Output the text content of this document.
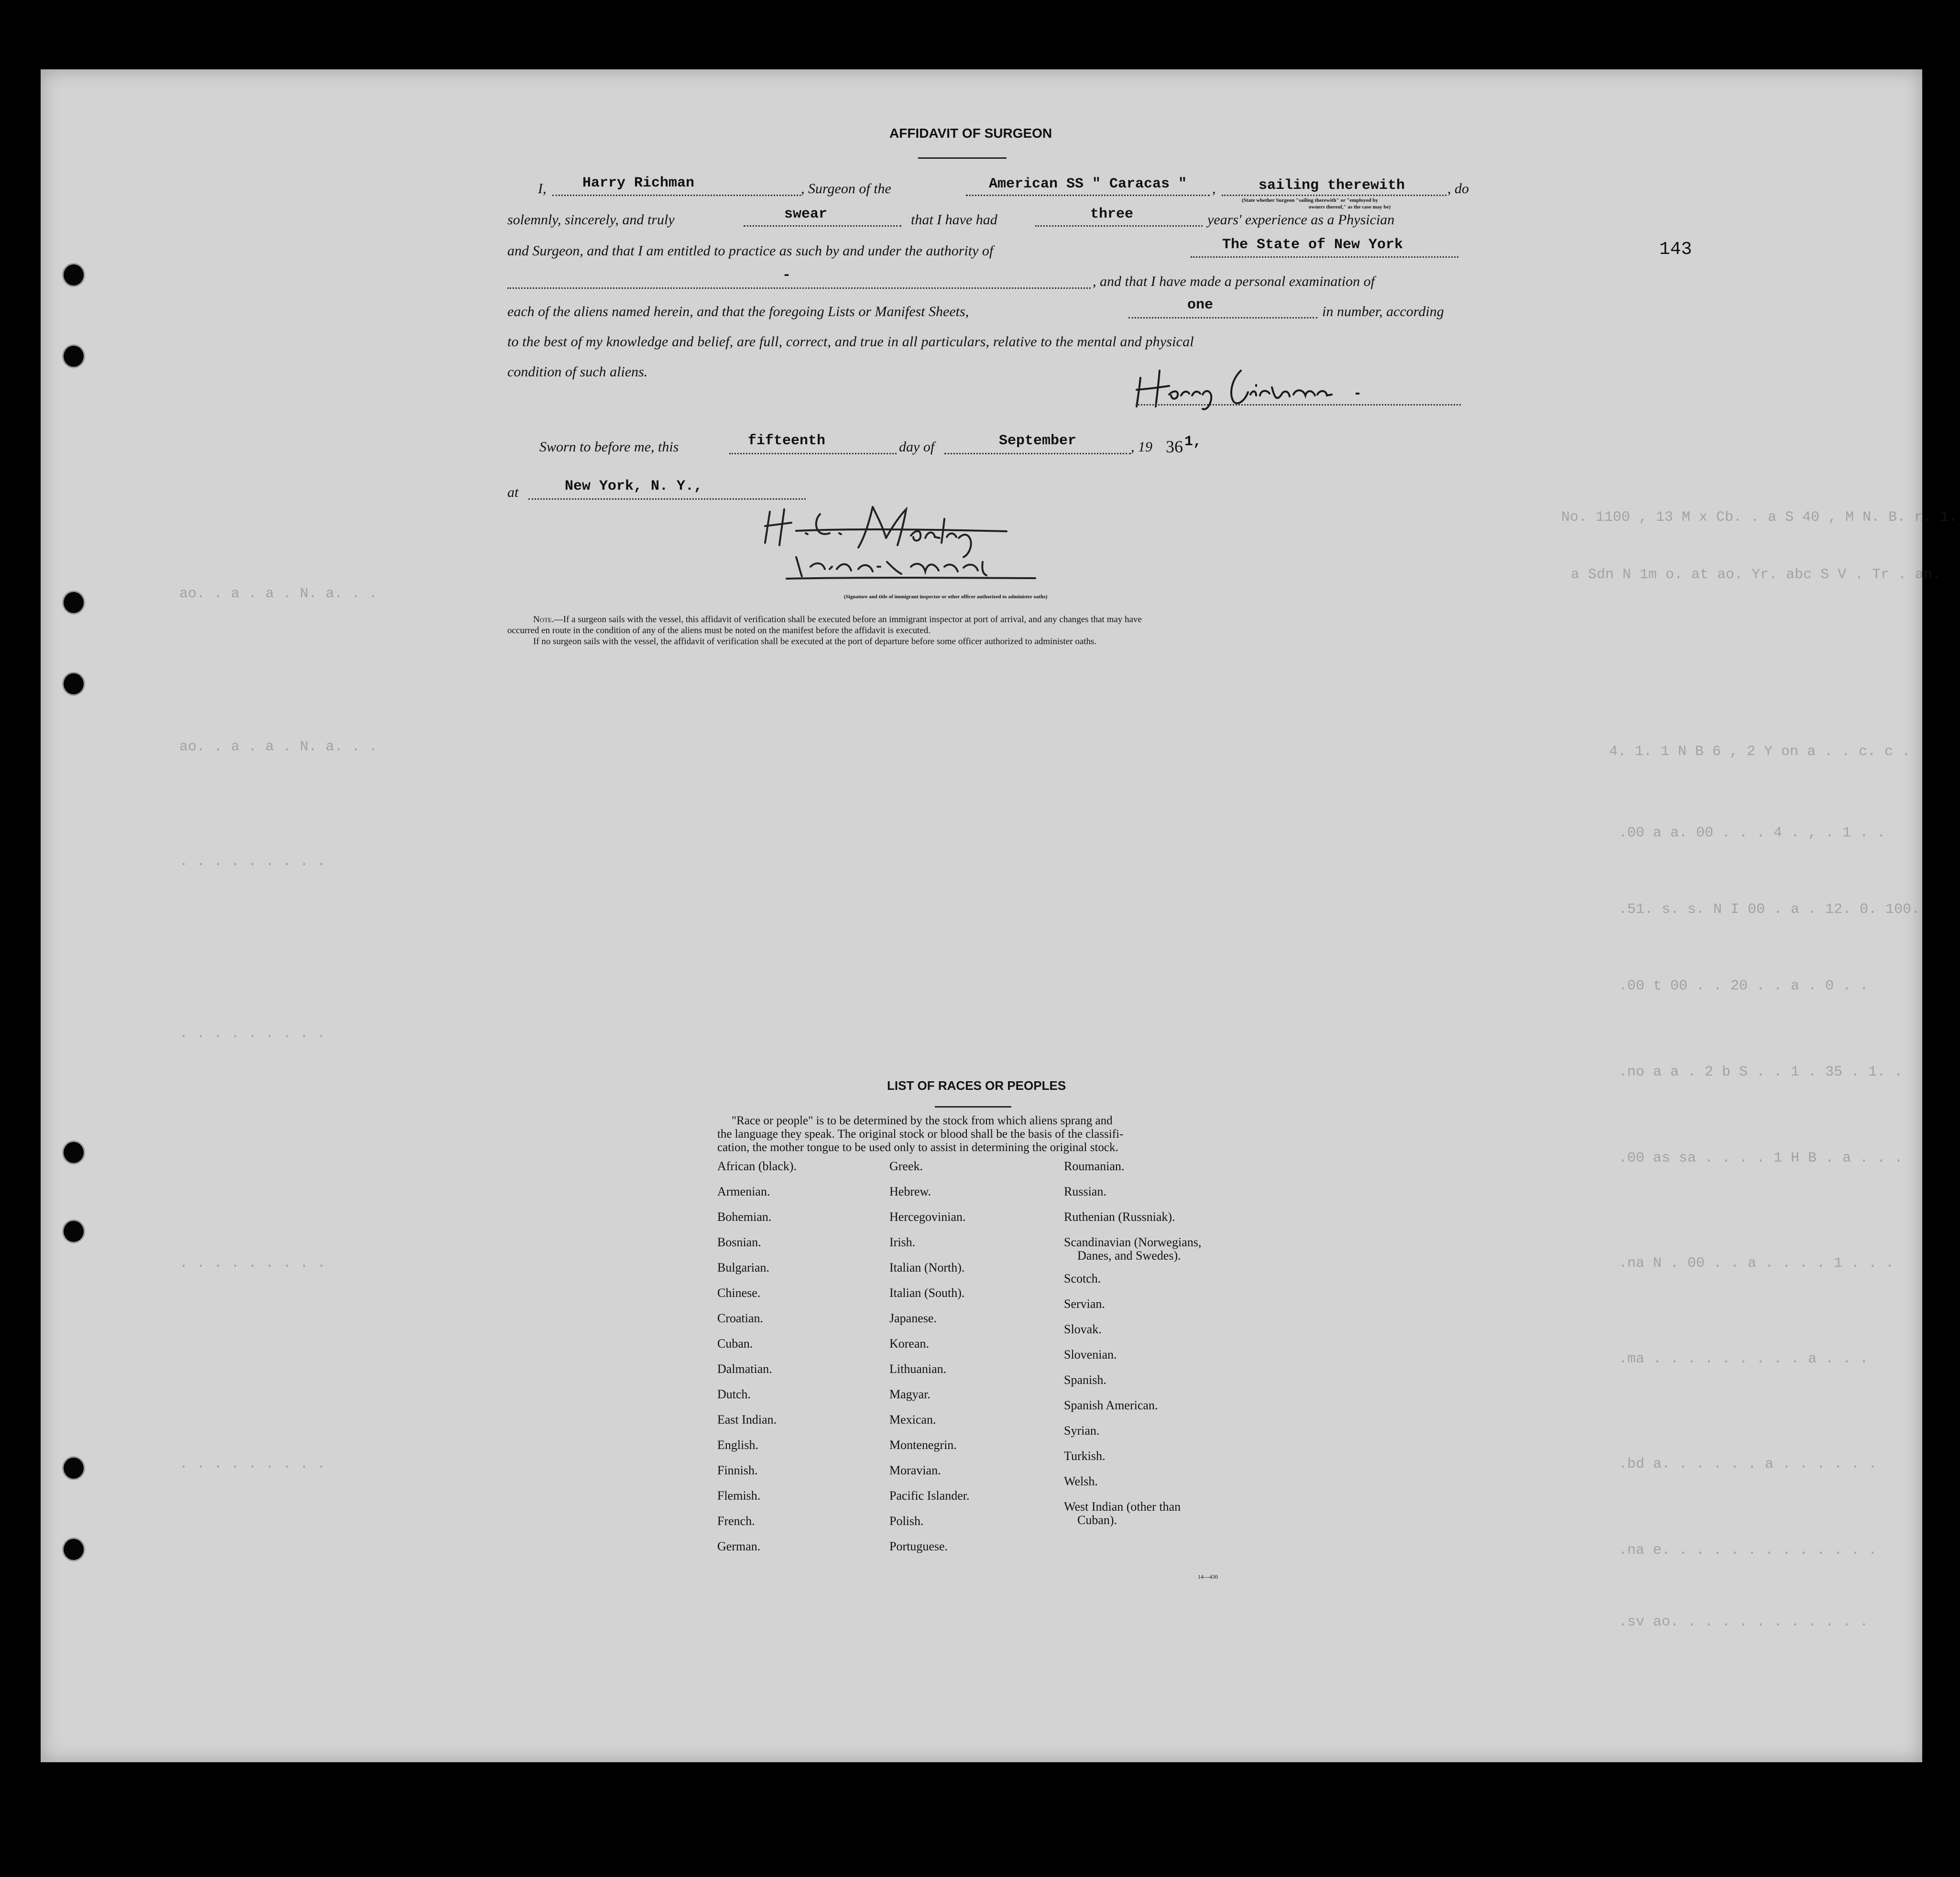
No. 1100 , 13 M x Cb. . a S 40 , M N. B. r. 1.
a Sdn N 1m o. at ao. Yr. abc S V . Tr . an.
4. 1. 1 N B 6 , 2 Y on a . . c. c .
.00 a a. 00 . . . 4 . , . 1 . .
.51. s. s. N I 00 . a . 12. 0. 100.
.00 t 00 . . 20 . . a . 0 . .
.no a a . 2 b S . . 1 . 35 . 1. .
.00 as sa . . . . 1 H B . a . . .
.na N . 00 . . a . . . . 1 . . .
.ma . . . . . . . . . a . . .
.bd a. . . . . . a . . . . . .
.na e. . . . . . . . . . . . .
.sv ao. . . . . . . . . . . .
ao. . a . a . N. a. . .
ao. . a . a . N. a. . .
. . . . . . . . .
. . . . . . . . .
. . . . . . . . .
. . . . . . . . .
AFFIDAVIT OF SURGEON
143
I,	Harry Richman	, Surgeon of the	American SS " Caracas "	,	sailing therewith	, do
(State whether Surgeon "sailing therewith" or "employed by
owners thereof," as the case may be)
solemnly, sincerely, and truly	swear	that I have had	three	years' experience as a Physician
and Surgeon, and that I am entitled to practice as such by and under the authority of	The State of New York
-	, and that I have made a personal examination of
each of the aliens named herein, and that the foregoing Lists or Manifest Sheets,	one	in number, according
to the best of my knowledge and belief, are full, correct, and true in all particulars, relative to the mental and physical
condition of such aliens.
Sworn to before me, this	fifteenth	day of	September	, 19 36 1,
at	New York, N. Y.,
(Signature and title of immigrant inspector or other officer authorized to administer oaths)
Note.—If a surgeon sails with the vessel, this affidavit of verification shall be executed before an immigrant inspector at port of arrival, and any changes that may have
occurred en route in the condition of any of the aliens must be noted on the manifest before the affidavit is executed.
If no surgeon sails with the vessel, the affidavit of verification shall be executed at the port of departure before some officer authorized to administer oaths.
LIST OF RACES OR PEOPLES
"Race or people" is to be determined by the stock from which aliens sprang and
the language they speak. The original stock or blood shall be the basis of the classifi-
cation, the mother tongue to be used only to assist in determining the original stock.
African (black).
Armenian.
Bohemian.
Bosnian.
Bulgarian.
Chinese.
Croatian.
Cuban.
Dalmatian.
Dutch.
East Indian.
English.
Finnish.
Flemish.
French.
German.
Greek.
Hebrew.
Hercegovinian.
Irish.
Italian (North).
Italian (South).
Japanese.
Korean.
Lithuanian.
Magyar.
Mexican.
Montenegrin.
Moravian.
Pacific Islander.
Polish.
Portuguese.
Roumanian.
Russian.
Ruthenian (Russniak).
Scandinavian (Norwegians,
Danes, and Swedes).
Scotch.
Servian.
Slovak.
Slovenian.
Spanish.
Spanish American.
Syrian.
Turkish.
Welsh.
West Indian (other than
Cuban).
14—430
